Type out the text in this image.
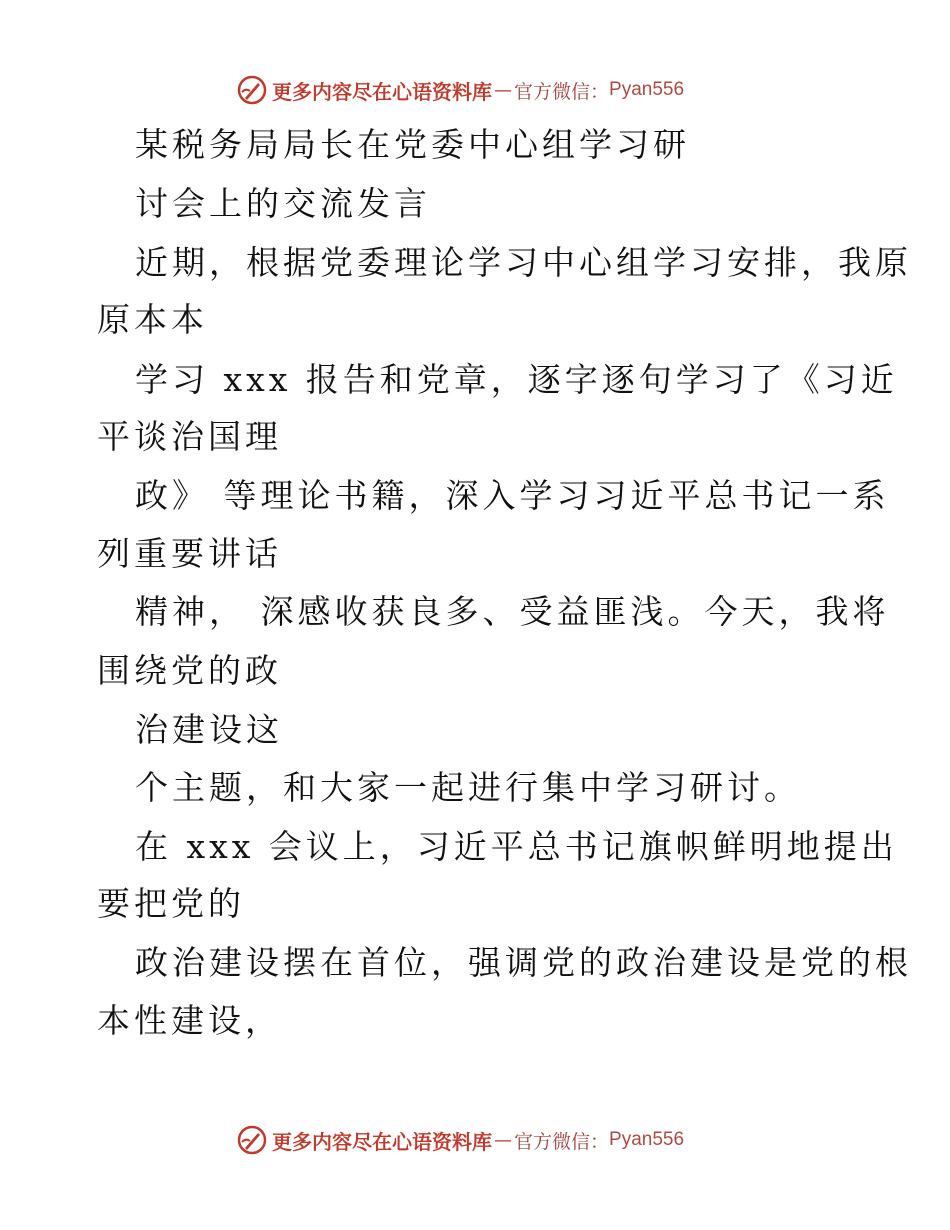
更多内容尽在心语资料库 — 官方微信： Pyan556
某税务局局长在党委中心组学习研
讨会上的交流发言
近期，根据党委理论学习中心组学习安排，我原
原本本
学习 xxx 报告和党章，逐字逐句学习了《习近
平谈治国理
政》 等理论书籍，深入学习习近平总书记一系
列重要讲话
精神， 深感收获良多、受益匪浅。今天，我将
围绕党的政
治建设这
个主题，和大家一起进行集中学习研讨。
在 xxx 会议上，习近平总书记旗帜鲜明地提出
要把党的
政治建设摆在首位，强调党的政治建设是党的根
本性建设，
更多内容尽在心语资料库 — 官方微信： Pyan556
